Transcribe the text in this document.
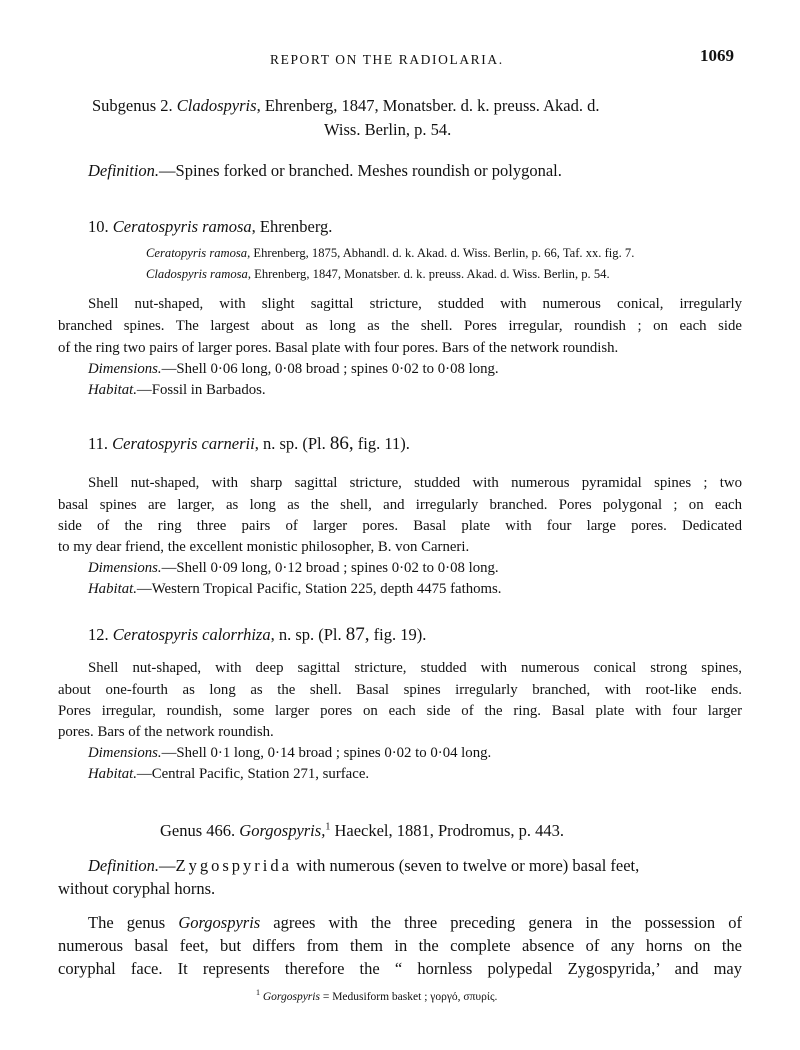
REPORT ON THE RADIOLARIA.	1069
Subgenus 2. Cladospyris, Ehrenberg, 1847, Monatsber. d. k. preuss. Akad. d.
Wiss. Berlin, p. 54.
Definition.—Spines forked or branched. Meshes roundish or polygonal.
10. Ceratospyris ramosa, Ehrenberg.
Ceratopyris ramosa, Ehrenberg, 1875, Abhandl. d. k. Akad. d. Wiss. Berlin, p. 66, Taf. xx. fig. 7.
Cladospyris ramosa, Ehrenberg, 1847, Monatsber. d. k. preuss. Akad. d. Wiss. Berlin, p. 54.
Shell nut-shaped, with slight sagittal stricture, studded with numerous conical, irregularly
branched spines. The largest about as long as the shell. Pores irregular, roundish ; on each side
of the ring two pairs of larger pores. Basal plate with four pores. Bars of the network roundish.
Dimensions.—Shell 0·06 long, 0·08 broad ; spines 0·02 to 0·08 long.
Habitat.—Fossil in Barbados.
11. Ceratospyris carnerii, n. sp. (Pl. 86, fig. 11).
Shell nut-shaped, with sharp sagittal stricture, studded with numerous pyramidal spines ; two
basal spines are larger, as long as the shell, and irregularly branched. Pores polygonal ; on each
side of the ring three pairs of larger pores. Basal plate with four large pores. Dedicated
to my dear friend, the excellent monistic philosopher, B. von Carneri.
Dimensions.—Shell 0·09 long, 0·12 broad ; spines 0·02 to 0·08 long.
Habitat.—Western Tropical Pacific, Station 225, depth 4475 fathoms.
12. Ceratospyris calorrhiza, n. sp. (Pl. 87, fig. 19).
Shell nut-shaped, with deep sagittal stricture, studded with numerous conical strong spines,
about one-fourth as long as the shell. Basal spines irregularly branched, with root-like ends.
Pores irregular, roundish, some larger pores on each side of the ring. Basal plate with four larger
pores. Bars of the network roundish.
Dimensions.—Shell 0·1 long, 0·14 broad ; spines 0·02 to 0·04 long.
Habitat.—Central Pacific, Station 271, surface.
Genus 466. Gorgospyris,$^1$ Haeckel, 1881, Prodromus, p. 443.
Definition.—Zygospyrida with numerous (seven to twelve or more) basal feet,
without coryphal horns.
The genus Gorgospyris agrees with the three preceding genera in the possession of
numerous basal feet, but differs from them in the complete absence of any horns on the
coryphal face. It represents therefore the “ hornless polypedal Zygospyrida,’ and may
$^1$ Gorgospyris = Medusiform basket ; γοργό, σπυρίς.
